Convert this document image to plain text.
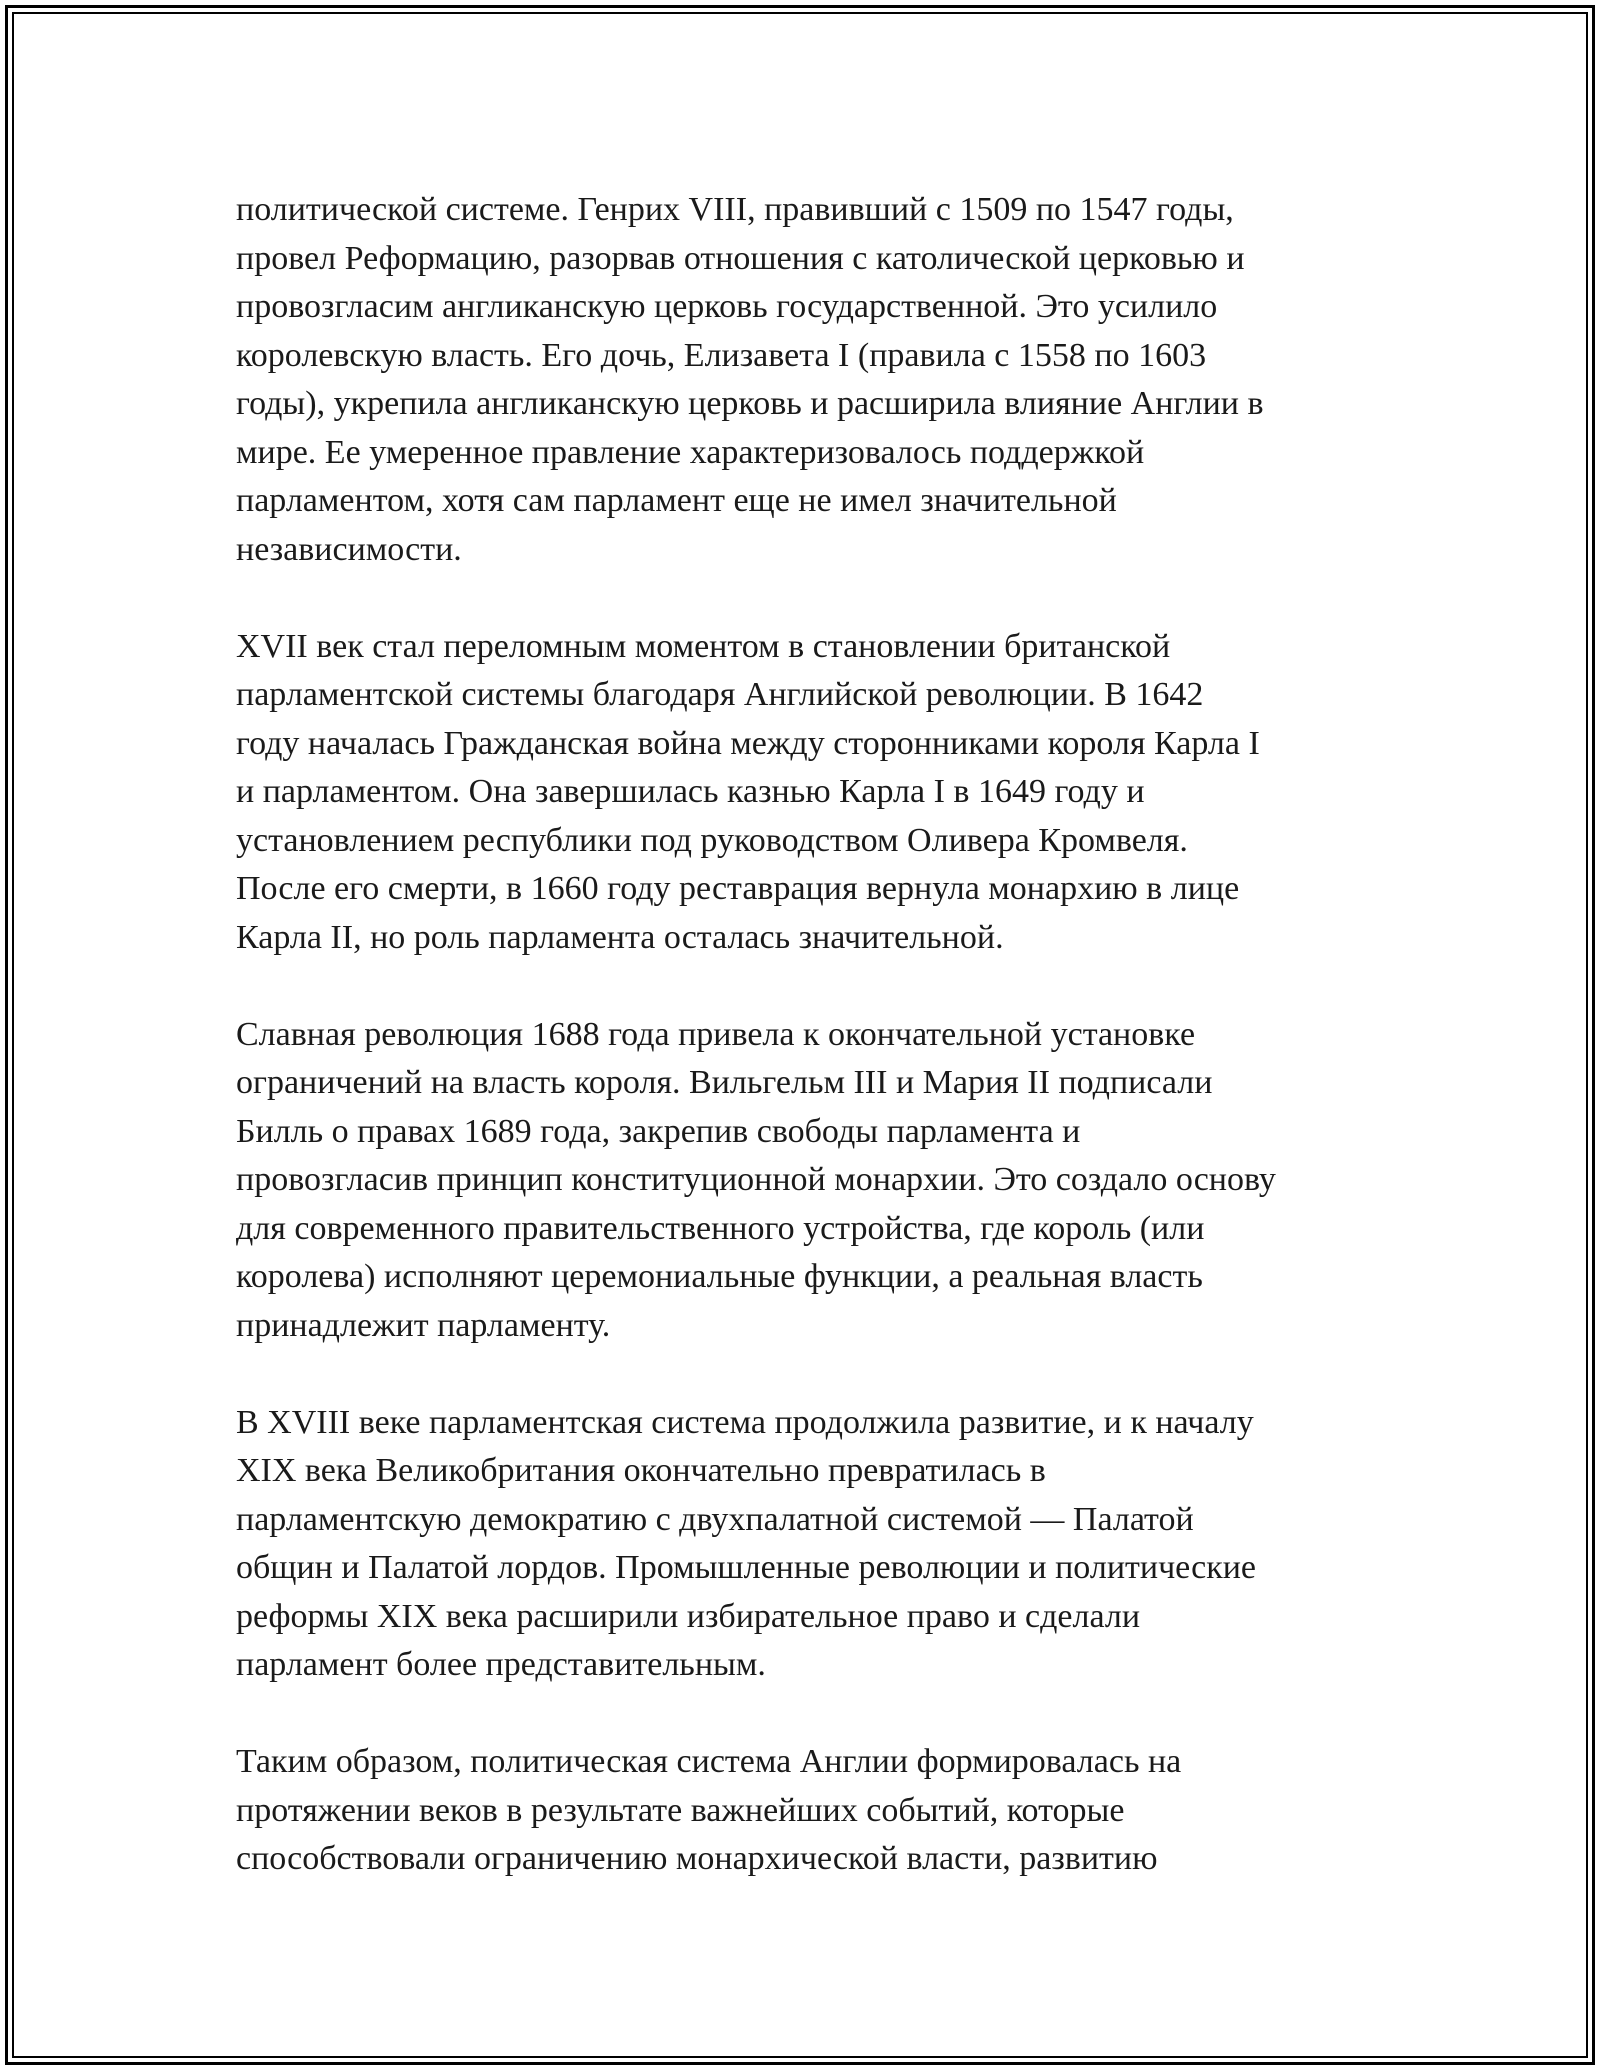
политической системе. Генрих VIII, правивший с 1509 по 1547 годы,
провел Реформацию, разорвав отношения с католической церковью и
провозгласим англиканскую церковь государственной. Это усилило
королевскую власть. Его дочь, Елизавета I (правила с 1558 по 1603
годы), укрепила англиканскую церковь и расширила влияние Англии в
мире. Ее умеренное правление характеризовалось поддержкой
парламентом, хотя сам парламент еще не имел значительной
независимости.

XVII век стал переломным моментом в становлении британской
парламентской системы благодаря Английской революции. В 1642
году началась Гражданская война между сторонниками короля Карла I
и парламентом. Она завершилась казнью Карла I в 1649 году и
установлением республики под руководством Оливера Кромвеля.
После его смерти, в 1660 году реставрация вернула монархию в лице
Карла II, но роль парламента осталась значительной.

Славная революция 1688 года привела к окончательной установке
ограничений на власть короля. Вильгельм III и Мария II подписали
Билль о правах 1689 года, закрепив свободы парламента и
провозгласив принцип конституционной монархии. Это создало основу
для современного правительственного устройства, где король (или
королева) исполняют церемониальные функции, а реальная власть
принадлежит парламенту.

В XVIII веке парламентская система продолжила развитие, и к началу
XIX века Великобритания окончательно превратилась в
парламентскую демократию с двухпалатной системой — Палатой
общин и Палатой лордов. Промышленные революции и политические
реформы XIX века расширили избирательное право и сделали
парламент более представительным.

Таким образом, политическая система Англии формировалась на
протяжении веков в результате важнейших событий, которые
способствовали ограничению монархической власти, развитию
